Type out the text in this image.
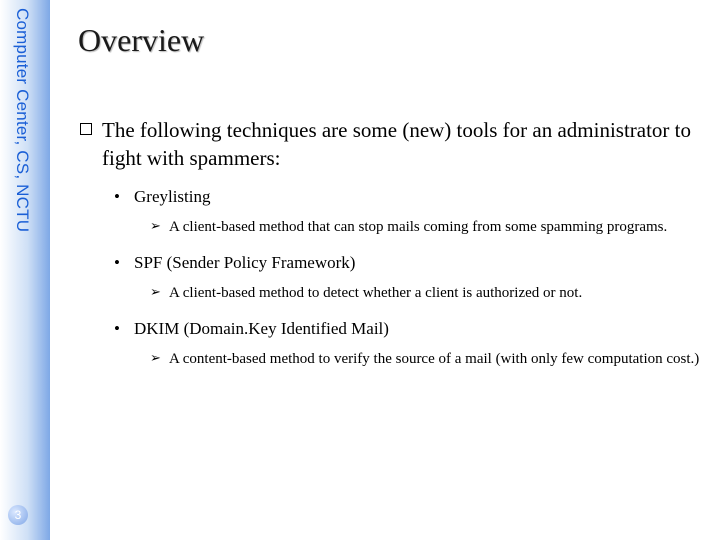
Computer Center, CS, NCTU
3
Overview
The following techniques are some (new) tools for an administrator to fight with spammers:
• Greylisting
➢ A client-based method that can stop mails coming from some spamming programs.
• SPF (Sender Policy Framework)
➢ A client-based method to detect whether a client is authorized or not.
• DKIM (Domain.Key Identified Mail)
➢ A content-based method to verify the source of a mail (with only few computation cost.)
